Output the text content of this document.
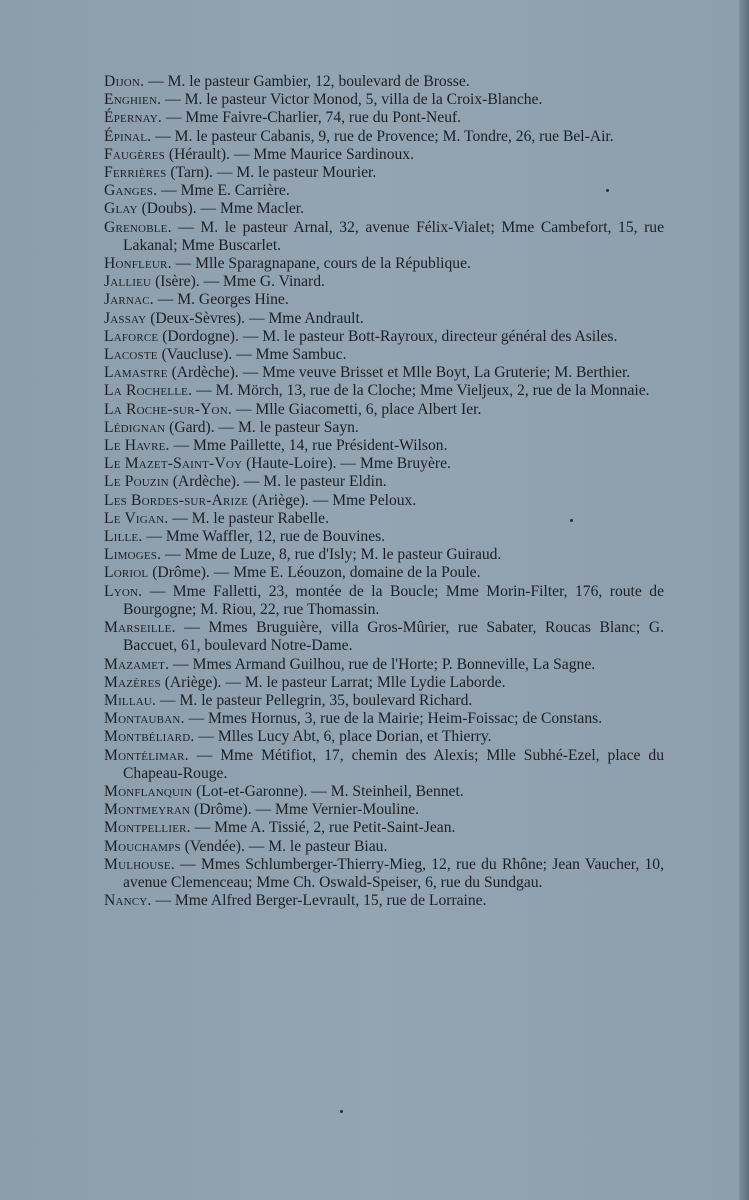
Dijon. — M. le pasteur Gambier, 12, boulevard de Brosse.
Enghien. — M. le pasteur Victor Monod, 5, villa de la Croix-Blanche.
Épernay. — Mme Faivre-Charlier, 74, rue du Pont-Neuf.
Épinal. — M. le pasteur Cabanis, 9, rue de Provence; M. Tondre, 26, rue Bel-Air.
Faugères (Hérault). — Mme Maurice Sardinoux.
Ferrières (Tarn). — M. le pasteur Mourier.
Ganges. — Mme E. Carrière.
Glay (Doubs). — Mme Macler.
Grenoble. — M. le pasteur Arnal, 32, avenue Félix-Vialet; Mme Cambefort, 15, rue Lakanal; Mme Buscarlet.
Honfleur. — Mlle Sparagnapane, cours de la République.
Jallieu (Isère). — Mme G. Vinard.
Jarnac. — M. Georges Hine.
Jassay (Deux-Sèvres). — Mme Andrault.
Laforce (Dordogne). — M. le pasteur Bott-Rayroux, directeur général des Asiles.
Lacoste (Vaucluse). — Mme Sambuc.
Lamastre (Ardèche). — Mme veuve Brisset et Mlle Boyt, La Gruterie; M. Berthier.
La Rochelle. — M. Mörch, 13, rue de la Cloche; Mme Vieljeux, 2, rue de la Monnaie.
La Roche-sur-Yon. — Mlle Giacometti, 6, place Albert Ier.
Lédignan (Gard). — M. le pasteur Sayn.
Le Havre. — Mme Paillette, 14, rue Président-Wilson.
Le Mazet-Saint-Voy (Haute-Loire). — Mme Bruyère.
Le Pouzin (Ardèche). — M. le pasteur Eldin.
Les Bordes-sur-Arize (Ariège). — Mme Peloux.
Le Vigan. — M. le pasteur Rabelle.
Lille. — Mme Waffler, 12, rue de Bouvines.
Limoges. — Mme de Luze, 8, rue d'Isly; M. le pasteur Guiraud.
Loriol (Drôme). — Mme E. Léouzon, domaine de la Poule.
Lyon. — Mme Falletti, 23, montée de la Boucle; Mme Morin-Filter, 176, route de Bourgogne; M. Riou, 22, rue Thomassin.
Marseille. — Mmes Bruguière, villa Gros-Mûrier, rue Sabater, Roucas Blanc; G. Baccuet, 61, boulevard Notre-Dame.
Mazamet. — Mmes Armand Guilhou, rue de l'Horte; P. Bonneville, La Sagne.
Mazères (Ariège). — M. le pasteur Larrat; Mlle Lydie Laborde.
Millau. — M. le pasteur Pellegrin, 35, boulevard Richard.
Montauban. — Mmes Hornus, 3, rue de la Mairie; Heim-Foissac; de Constans.
Montbéliard. — Mlles Lucy Abt, 6, place Dorian, et Thierry.
Montélimar. — Mme Métifiot, 17, chemin des Alexis; Mlle Subhé-Ezel, place du Chapeau-Rouge.
Monflanquin (Lot-et-Garonne). — M. Steinheil, Bennet.
Montmeyran (Drôme). — Mme Vernier-Mouline.
Montpellier. — Mme A. Tissié, 2, rue Petit-Saint-Jean.
Mouchamps (Vendée). — M. le pasteur Biau.
Mulhouse. — Mmes Schlumberger-Thierry-Mieg, 12, rue du Rhône; Jean Vaucher, 10, avenue Clemenceau; Mme Ch. Oswald-Speiser, 6, rue du Sundgau.
Nancy. — Mme Alfred Berger-Levrault, 15, rue de Lorraine.
